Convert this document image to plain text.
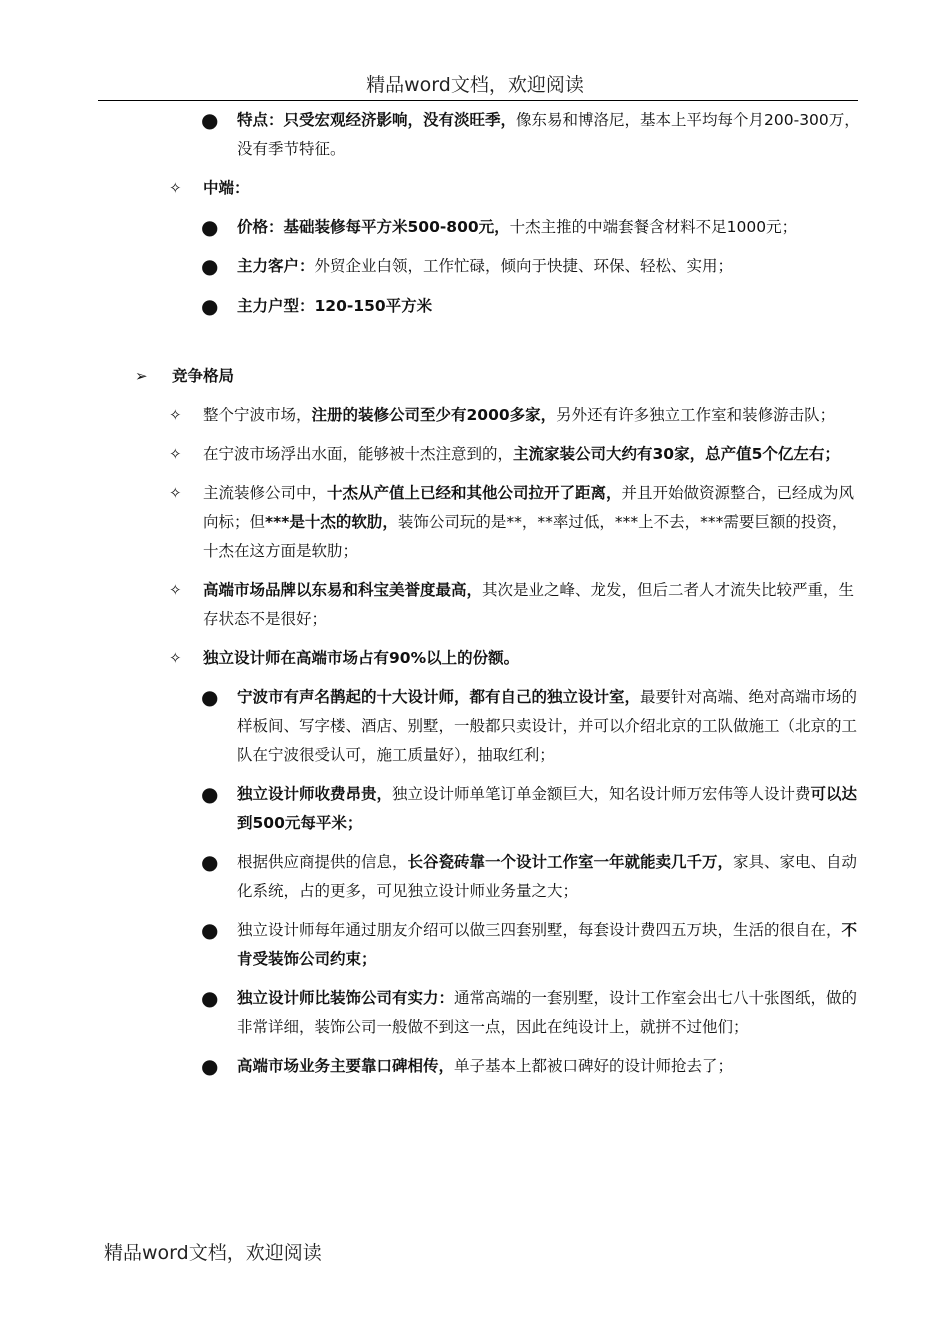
精品word文档，欢迎阅读
● 特点：只受宏观经济影响，没有淡旺季，像东易和博洛尼，基本上平均每个月200-300万，没有季节特征。
✧ 中端：
● 价格：基础装修每平方米500-800元，十杰主推的中端套餐含材料不足1000元；
● 主力客户：外贸企业白领，工作忙碌，倾向于快捷、环保、轻松、实用；
● 主力户型：120-150平方米
➢ 竞争格局
✧ 整个宁波市场，注册的装修公司至少有2000多家，另外还有许多独立工作室和装修游击队；
✧ 在宁波市场浮出水面，能够被十杰注意到的，主流家装公司大约有30家，总产值5个亿左右；
✧ 主流装修公司中，十杰从产值上已经和其他公司拉开了距离，并且开始做资源整合，已经成为风向标；但***是十杰的软肋，装饰公司玩的是**，**率过低，***上不去，***需要巨额的投资，十杰在这方面是软肋；
✧ 高端市场品牌以东易和科宝美誉度最高，其次是业之峰、龙发，但后二者人才流失比较严重，生存状态不是很好；
✧ 独立设计师在高端市场占有90%以上的份额。
● 宁波市有声名鹊起的十大设计师，都有自己的独立设计室，最要针对高端、绝对高端市场的样板间、写字楼、酒店、别墅，一般都只卖设计，并可以介绍北京的工队做施工（北京的工队在宁波很受认可，施工质量好），抽取红利；
● 独立设计师收费昂贵，独立设计师单笔订单金额巨大，知名设计师万宏伟等人设计费可以达到500元每平米；
● 根据供应商提供的信息，长谷瓷砖靠一个设计工作室一年就能卖几千万，家具、家电、自动化系统，占的更多，可见独立设计师业务量之大；
● 独立设计师每年通过朋友介绍可以做三四套别墅，每套设计费四五万块，生活的很自在，不肯受装饰公司约束；
● 独立设计师比装饰公司有实力：通常高端的一套别墅，设计工作室会出七八十张图纸，做的非常详细，装饰公司一般做不到这一点，因此在纯设计上，就拼不过他们；
● 高端市场业务主要靠口碑相传，单子基本上都被口碑好的设计师抢去了；
精品word文档，欢迎阅读
